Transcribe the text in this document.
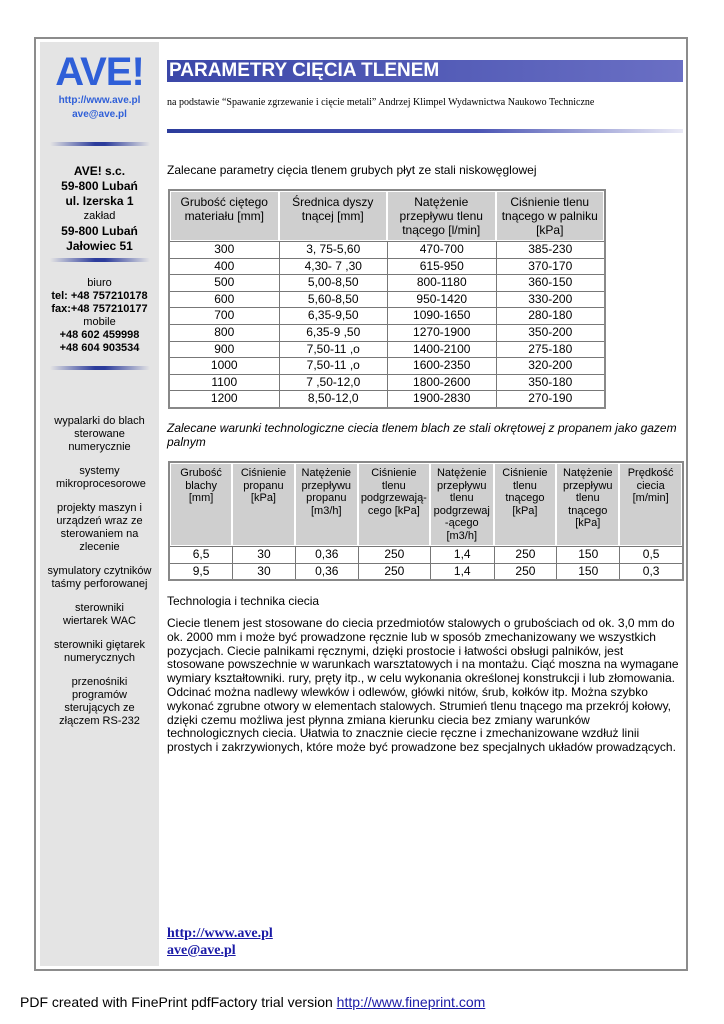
AVE!
http://www.ave.pl
ave@ave.pl
AVE! s.c.
59-800 Lubań
ul. Izerska 1
zakład
59-800 Lubań
Jałowiec 51
biuro
tel: +48 757210178
fax:+48 757210177
mobile
+48 602 459998
+48 604 903534
wypalarki do blach sterowane numerycznie
systemy mikroprocesorowe
projekty maszyn i urządzeń wraz ze sterowaniem na zlecenie
symulatory czytników taśmy perforowanej
sterowniki wiertarek WAC
sterowniki giętarek numerycznych
przenośniki programów sterujących ze złączem RS-232
PARAMETRY CIĘCIA TLENEM
na podstawie “Spawanie zgrzewanie i cięcie metali” Andrzej Klimpel Wydawnictwa Naukowo Techniczne
Zalecane parametry cięcia tlenem grubych płyt ze stali niskowęglowej
Grubość ciętego materiału [mm]	Średnica dyszy tnącej [mm]	Natężenie przepływu tlenu tnącego [l/min]	Ciśnienie tlenu tnącego w palniku [kPa]
300	3, 75-5,60	470-700	385-230
400	4,30- 7 ,30	615-950	370-170
500	5,00-8,50	800-1180	360-150
600	5,60-8,50	950-1420	330-200
700	6,35-9,50	1090-1650	280-180
800	6,35-9 ,50	1270-1900	350-200
900	7,50-11 ,o	1400-2100	275-180
1000	7,50-11 ,o	1600-2350	320-200
1100	7 ,50-12,0	1800-2600	350-180
1200	8,50-12,0	1900-2830	270-190
Zalecane warunki technologiczne ciecia tlenem blach ze stali okrętowej z propanem jako gazem palnym
Grubość blachy [mm]	Ciśnienie propanu [kPa]	Natężenie przepływu propanu [m3/h]	Ciśnienie tlenu podgrzewają-cego [kPa]	Natężenie przepływu tlenu podgrzewaj -ącego [m3/h]	Ciśnienie tlenu tnącego [kPa]	Natężenie przepływu tlenu tnącego [kPa]	Prędkość ciecia [m/min]
6,5	30	0,36	250	1,4	250	150	0,5
9,5	30	0,36	250	1,4	250	150	0,3
Technologia i technika ciecia
Ciecie tlenem jest stosowane do ciecia przedmiotów stalowych o grubościach od ok. 3,0 mm do ok. 2000 mm i może być prowadzone ręcznie lub w sposób zmechanizowany we wszystkich pozycjach. Ciecie palnikami ręcznymi, dzięki prostocie i łatwości obsługi palników, jest stosowane powszechnie w warunkach warsztatowych i na montażu. Ciąć moszna na wymagane wymiary kształtowniki. rury, pręty itp., w celu wykonania określonej konstrukcji i lub złomowania. Odcinać można nadlewy wlewków i odlewów, główki nitów, śrub, kołków itp. Można szybko wykonać zgrubne otwory w elementach stalowych. Strumień tlenu tnącego ma przekrój kołowy, dzięki czemu możliwa jest płynna zmiana kierunku ciecia bez zmiany warunków technologicznych ciecia. Ułatwia to znacznie ciecie ręczne i zmechanizowane wzdłuż linii prostych i zakrzywionych, które może być prowadzone bez specjalnych układów prowadzących.
http://www.ave.pl
ave@ave.pl
PDF created with FinePrint pdfFactory trial version http://www.fineprint.com
